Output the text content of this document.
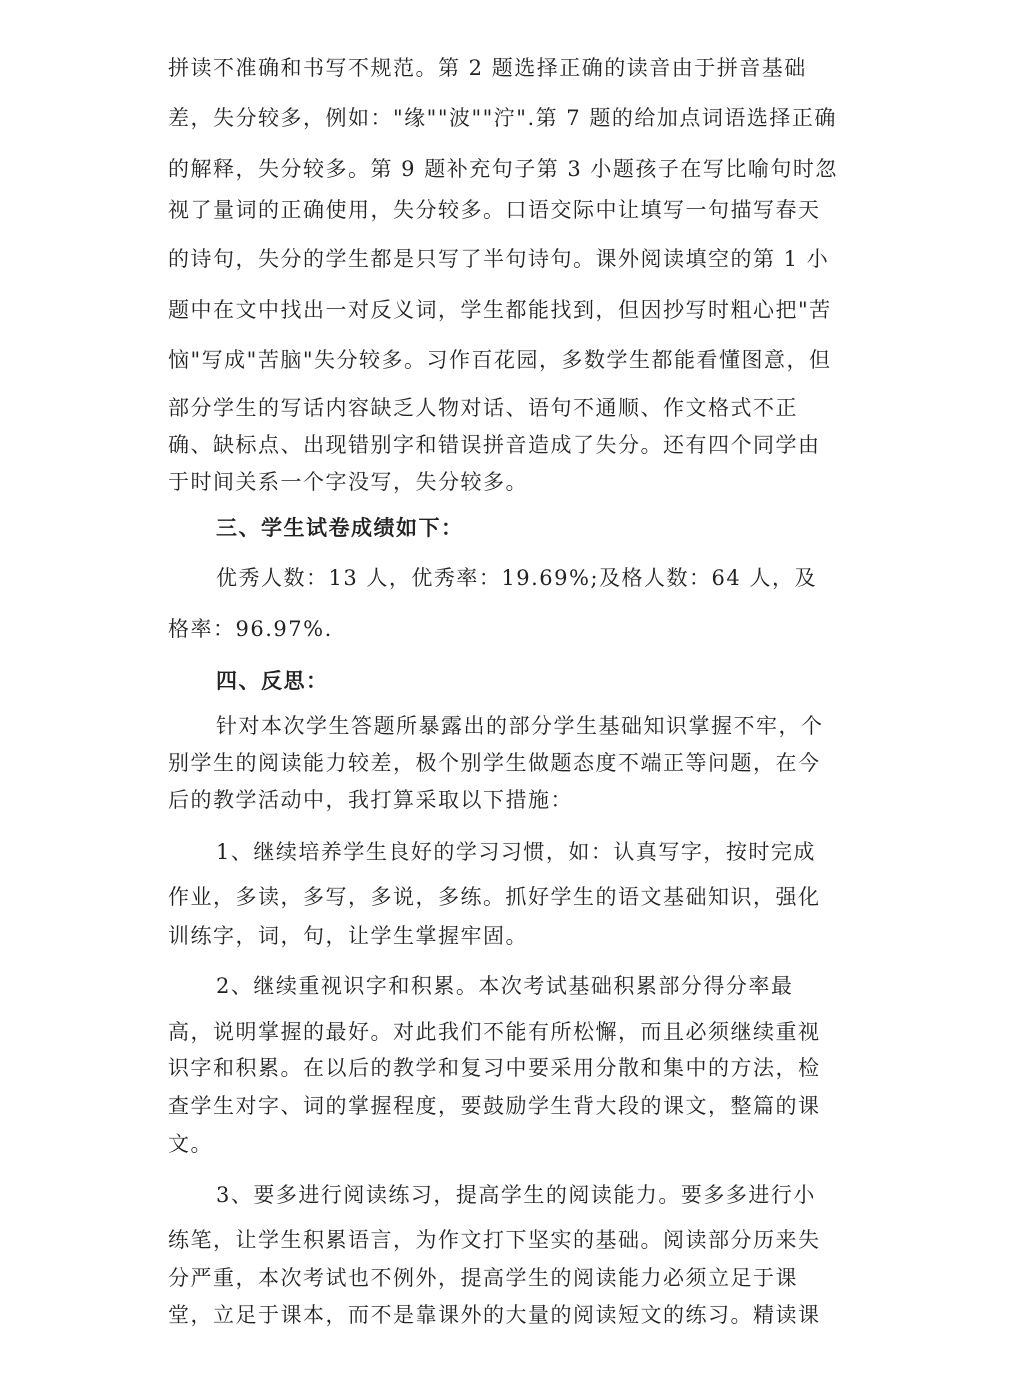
拼读不准确和书写不规范。第 2 题选择正确的读音由于拼音基础
差，失分较多，例如："缘""波""泞".第 7 题的给加点词语选择正确
的解释，失分较多。第 9 题补充句子第 3 小题孩子在写比喻句时忽
视了量词的正确使用，失分较多。口语交际中让填写一句描写春天
的诗句，失分的学生都是只写了半句诗句。课外阅读填空的第 1 小
题中在文中找出一对反义词，学生都能找到，但因抄写时粗心把"苦
恼"写成"苦脑"失分较多。习作百花园，多数学生都能看懂图意，但
部分学生的写话内容缺乏人物对话、语句不通顺、作文格式不正
确、缺标点、出现错别字和错误拼音造成了失分。还有四个同学由
于时间关系一个字没写，失分较多。
三、学生试卷成绩如下：
优秀人数：13 人，优秀率：19.69%;及格人数：64 人，及
格率：96.97%.
四、反思：
针对本次学生答题所暴露出的部分学生基础知识掌握不牢，个
别学生的阅读能力较差，极个别学生做题态度不端正等问题，在今
后的教学活动中，我打算采取以下措施：
1、继续培养学生良好的学习习惯，如：认真写字，按时完成
作业，多读，多写，多说，多练。抓好学生的语文基础知识，强化
训练字，词，句，让学生掌握牢固。
2、继续重视识字和积累。本次考试基础积累部分得分率最
高，说明掌握的最好。对此我们不能有所松懈，而且必须继续重视
识字和积累。在以后的教学和复习中要采用分散和集中的方法，检
查学生对字、词的掌握程度，要鼓励学生背大段的课文，整篇的课
文。
3、要多进行阅读练习，提高学生的阅读能力。要多多进行小
练笔，让学生积累语言，为作文打下坚实的基础。阅读部分历来失
分严重，本次考试也不例外，提高学生的阅读能力必须立足于课
堂，立足于课本，而不是靠课外的大量的阅读短文的练习。精读课
